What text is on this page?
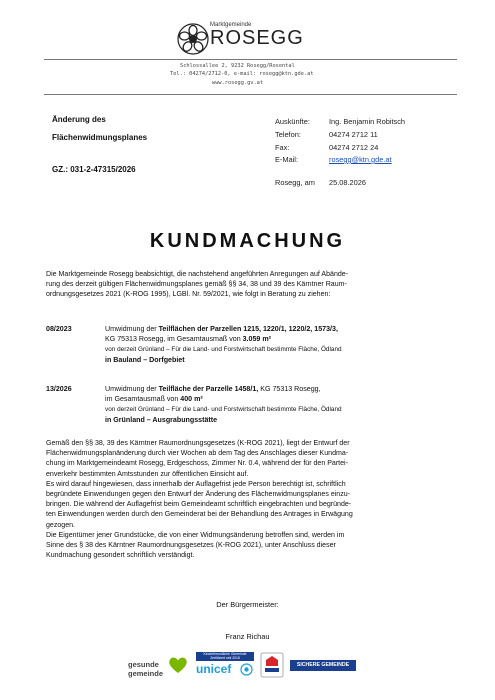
Marktgemeinde
ROSEGG
Schlossallee 2, 9232 Rosegg/Rosental
Tel.: 04274/2712-0, e-mail: rosegg@ktn.gde.at
www.rosegg.gv.at
Änderung des
Flächenwidmungsplanes
GZ.: 031-2-47315/2026
Auskünfte:	Ing. Benjamin Robitsch
Telefon:	04274 2712 11
Fax:	04274 2712 24
E-Mail:	rosegg@ktn.gde.at
Rosegg, am 25.08.2026
KUNDMACHUNG
Die Marktgemeinde Rosegg beabsichtigt, die nachstehend angeführten Anregungen auf Abände-
rung des derzeit gültigen Flächenwidmungsplanes gemäß §§ 34, 38 und 39 des Kärntner Raum-
ordnungsgesetzes 2021 (K-ROG 1995), LGBl. Nr. 59/2021, wie folgt in Beratung zu ziehen:
08/2023	Umwidmung der Teilflächen der Parzellen 1215, 1220/1, 1220/2, 1573/3,
KG 75313 Rosegg, im Gesamtausmaß von 3.059 m²
von derzeit Grünland – Für die Land- und Forstwirtschaft bestimmte Fläche, Ödland
in Bauland – Dorfgebiet
13/2026	Umwidmung der Teilfläche der Parzelle 1458/1, KG 75313 Rosegg,
im Gesamtausmaß von 400 m²
von derzeit Grünland – Für die Land- und Forstwirtschaft bestimmte Fläche, Ödland
in Grünland – Ausgrabungsstätte
Gemäß den §§ 38, 39 des Kärntner Raumordnungsgesetzes (K-ROG 2021), liegt der Entwurf der
Flächenwidmungsplanänderung durch vier Wochen ab dem Tag des Anschlages dieser Kundma-
chung im Marktgemeindeamt Rosegg, Erdgeschoss, Zimmer Nr. 0.4, während der für den Partei-
enverkehr bestimmten Amtsstunden zur öffentlichen Einsicht auf.
Es wird darauf hingewiesen, dass innerhalb der Auflagefrist jede Person berechtigt ist, schriftlich
begründete Einwendungen gegen den Entwurf der Änderung des Flächenwidmungsplanes einzu-
bringen. Die während der Auflagefrist beim Gemeindeamt schriftlich eingebrachten und begründe-
ten Einwendungen werden durch den Gemeinderat bei der Behandlung des Antrages in Erwägung
gezogen.
Die Eigentümer jener Grundstücke, die von einer Widmungsänderung betroffen sind, werden im
Sinne des § 38 des Kärntner Raumordnungsgesetzes (K-ROG 2021), unter Anschluss dieser
Kundmachung gesondert schriftlich verständigt.
Der Bürgermeister:
Franz Richau
gesunde
gemeinde
Kinderfreundliche Gemeinde
Zertifiziert seit 2018
unicef	SICHERE GEMEINDE
